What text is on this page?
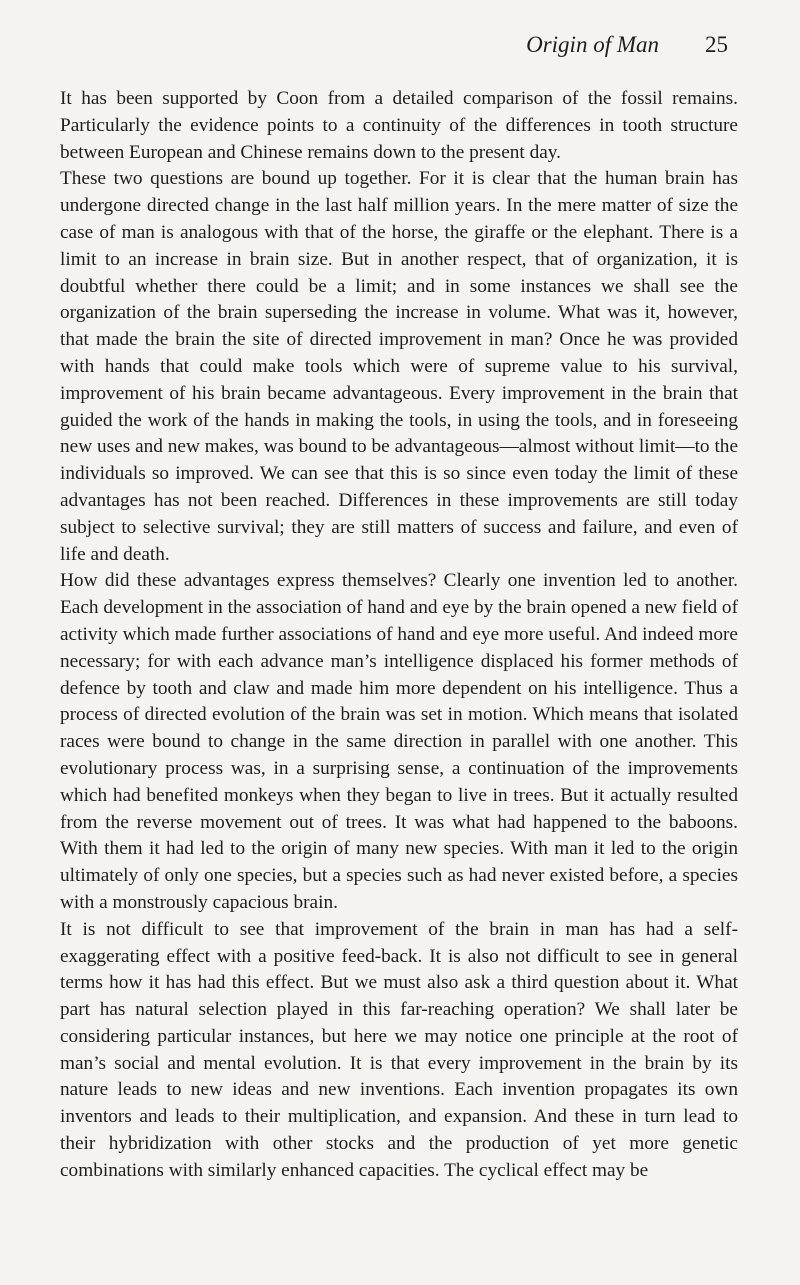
Origin of Man 25

It has been supported by Coon from a detailed comparison of the fossil remains. Particularly the evidence points to a continuity of the differences in tooth structure between European and Chinese remains down to the present day.

These two questions are bound up together. For it is clear that the human brain has undergone directed change in the last half million years. In the mere matter of size the case of man is analogous with that of the horse, the giraffe or the elephant. There is a limit to an increase in brain size. But in another respect, that of organization, it is doubtful whether there could be a limit; and in some instances we shall see the organization of the brain superseding the increase in volume. What was it, however, that made the brain the site of directed improvement in man? Once he was provided with hands that could make tools which were of supreme value to his survival, improvement of his brain became advantageous. Every improvement in the brain that guided the work of the hands in making the tools, in using the tools, and in foreseeing new uses and new makes, was bound to be advantageous—almost without limit—to the individuals so improved. We can see that this is so since even today the limit of these advantages has not been reached. Differences in these improvements are still today subject to selective survival; they are still matters of success and failure, and even of life and death.

How did these advantages express themselves? Clearly one invention led to another. Each development in the association of hand and eye by the brain opened a new field of activity which made further associations of hand and eye more useful. And indeed more necessary; for with each advance man’s intelligence displaced his former methods of defence by tooth and claw and made him more dependent on his intelligence. Thus a process of directed evolution of the brain was set in motion. Which means that isolated races were bound to change in the same direction in parallel with one another. This evolutionary process was, in a surprising sense, a continuation of the improvements which had benefited monkeys when they began to live in trees. But it actually resulted from the reverse movement out of trees. It was what had happened to the baboons. With them it had led to the origin of many new species. With man it led to the origin ultimately of only one species, but a species such as had never existed before, a species with a monstrously capacious brain.

It is not difficult to see that improvement of the brain in man has had a self-exaggerating effect with a positive feed-back. It is also not difficult to see in general terms how it has had this effect. But we must also ask a third question about it. What part has natural selection played in this far-reaching operation? We shall later be considering particular instances, but here we may notice one principle at the root of man’s social and mental evolution. It is that every improvement in the brain by its nature leads to new ideas and new inventions. Each invention propagates its own inventors and leads to their multiplication, and expansion. And these in turn lead to their hybridization with other stocks and the production of yet more genetic combinations with similarly enhanced capacities. The cyclical effect may be
